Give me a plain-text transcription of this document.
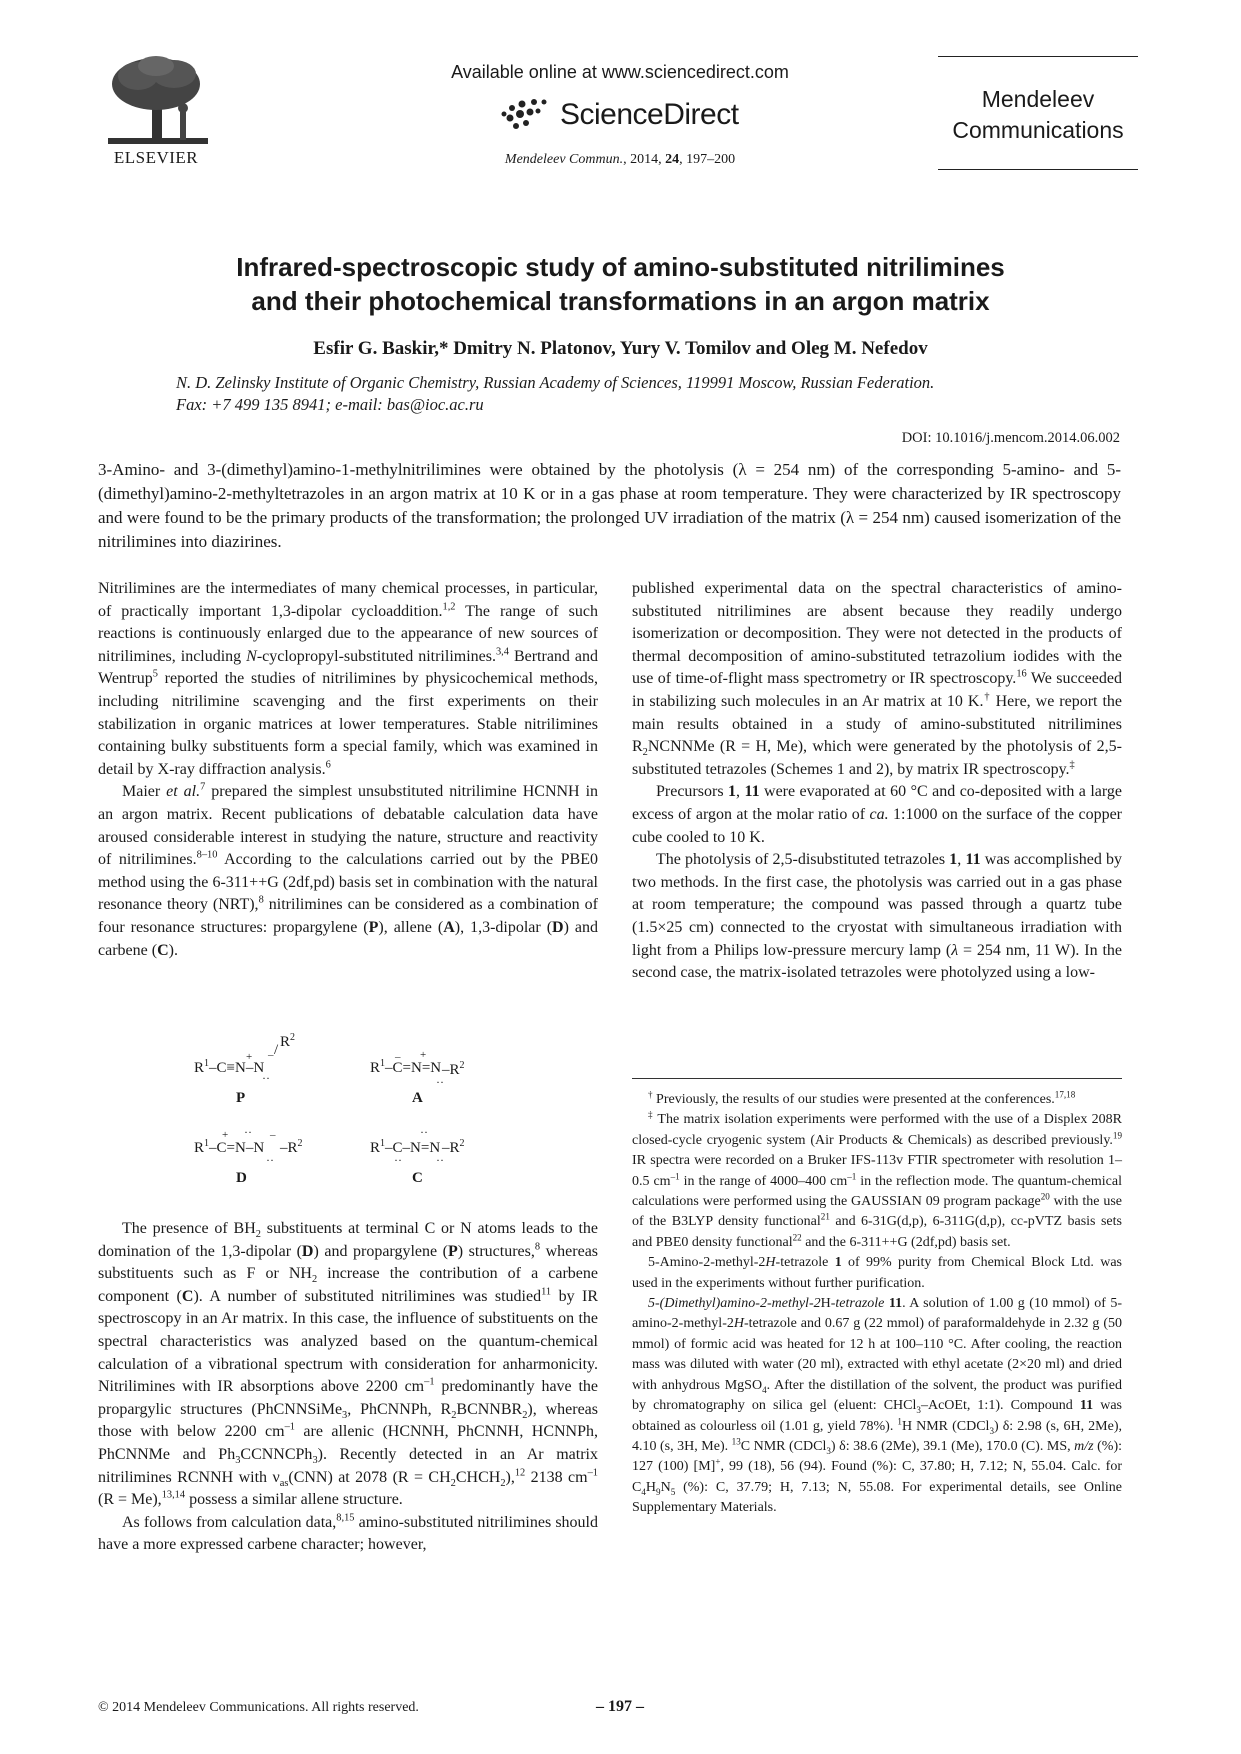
ELSEVIER
Available online at www.sciencedirect.com
ScienceDirect
Mendeleev Commun., 2014, 24, 197–200
Mendeleev
Communications
Infrared-spectroscopic study of amino-substituted nitrilimines
and their photochemical transformations in an argon matrix
Esfir G. Baskir,* Dmitry N. Platonov, Yury V. Tomilov and Oleg M. Nefedov
N. D. Zelinsky Institute of Organic Chemistry, Russian Academy of Sciences, 119991 Moscow, Russian Federation.
Fax: +7 499 135 8941; e-mail: bas@ioc.ac.ru
DOI: 10.1016/j.mencom.2014.06.002
3-Amino- and 3-(dimethyl)amino-1-methylnitrilimines were obtained by the photolysis (λ = 254 nm) of the corresponding 5-amino- and 5-(dimethyl)amino-2-methyltetrazoles in an argon matrix at 10 K or in a gas phase at room temperature. They were characterized by IR spectroscopy and were found to be the primary products of the transformation; the prolonged UV irradiation of the matrix (λ = 254 nm) caused isomerization of the nitrilimines into diazirines.

Nitrilimines are the intermediates of many chemical processes, in particular, of practically important 1,3-dipolar cycloaddition.$^{1,2}$ The range of such reactions is continuously enlarged due to the appearance of new sources of nitrilimines, including N-cyclopropyl-substituted nitrilimines.$^{3,4}$ Bertrand and Wentrup$^5$ reported the studies of nitrilimines by physicochemical methods, including nitrilimine scavenging and the first experiments on their stabilization in organic matrices at lower temperatures. Stable nitrilimines containing bulky substituents form a special family, which was examined in detail by X-ray diffraction analysis.$^6$

Maier et al.$^7$ prepared the simplest unsubstituted nitrilimine HCNNH in an argon matrix. Recent publications of debatable calculation data have aroused considerable interest in studying the nature, structure and reactivity of nitrilimines.$^{8-10}$ According to the calculations carried out by the PBE0 method using the 6-311++G (2df,pd) basis set in combination with the natural resonance theory (NRT),$^8$ nitrilimines can be considered as a combination of four resonance structures: propargylene (P), allene (A), 1,3-dipolar (D) and carbene (C).

$R^1-C\equiv N-N$
+ – / $R^2$
··
P
$R^1-C=N=N$
– +
$-R^2$
··
A
$R^1-C=N-N$
+ ·· –
$-R^2$
··
D
$R^1-C-N=N$
··
··
$-R^2$
··
C

The presence of $BH_2$ substituents at terminal C or N atoms leads to the domination of the 1,3-dipolar (D) and propargylene (P) structures,$^8$ whereas substituents such as F or $NH_2$ increase the contribution of a carbene component (C). A number of substituted nitrilimines was studied$^{11}$ by IR spectroscopy in an Ar matrix. In this case, the influence of substituents on the spectral characteristics was analyzed based on the quantum-chemical calculation of a vibrational spectrum with consideration for anharmonicity. Nitrilimines with IR absorptions above 2200 $cm^{-1}$ predominantly have the propargylic structures (PhCNNSiMe$_3$, PhCNNPh, $R_2BCNNBR_2$), whereas those with below 2200 $cm^{-1}$ are allenic (HCNNH, PhCNNH, HCNNPh, PhCNNMe and $Ph_3CCNNCPh_3$). Recently detected in an Ar matrix nitrilimines RCNNH with $\nu_{as}(CNN)$ at 2078 $(R = CH_2CHCH_2),^{12}$ 2138 $cm^{-1}$ (R = Me),$^{13,14}$ possess a similar allene structure.

As follows from calculation data,$^{8,15}$ amino-substituted nitrilimines should have a more expressed carbene character; however,

published experimental data on the spectral characteristics of amino-substituted nitrilimines are absent because they readily undergo isomerization or decomposition. They were not detected in the products of thermal decomposition of amino-substituted tetrazolium iodides with the use of time-of-flight mass spectrometry or IR spectroscopy.$^{16}$ We succeeded in stabilizing such molecules in an Ar matrix at 10 K.† Here, we report the main results obtained in a study of amino-substituted nitrilimines $R_2NCNNMe$ (R = H, Me), which were generated by the photolysis of 2,5-substituted tetrazoles (Schemes 1 and 2), by matrix IR spectroscopy.‡

Precursors 1, 11 were evaporated at 60 °C and co-deposited with a large excess of argon at the molar ratio of ca. 1:1000 on the surface of the copper cube cooled to 10 K.

The photolysis of 2,5-disubstituted tetrazoles 1, 11 was accomplished by two methods. In the first case, the photolysis was carried out in a gas phase at room temperature; the compound was passed through a quartz tube (1.5×25 cm) connected to the cryostat with simultaneous irradiation with light from a Philips low-pressure mercury lamp (λ = 254 nm, 11 W). In the second case, the matrix-isolated tetrazoles were photolyzed using a low-

† Previously, the results of our studies were presented at the conferences.$^{17,18}$

‡ The matrix isolation experiments were performed with the use of a Displex 208R closed-cycle cryogenic system (Air Products & Chemicals) as described previously.$^{19}$ IR spectra were recorded on a Bruker IFS-113v FTIR spectrometer with resolution 1–0.5 $cm^{-1}$ in the range of 4000–400 $cm^{-1}$ in the reflection mode. The quantum-chemical calculations were performed using the GAUSSIAN 09 program package$^{20}$ with the use of the B3LYP density functional$^{21}$ and 6-31G(d,p), 6-311G(d,p), cc-pVTZ basis sets and PBE0 density functional$^{22}$ and the 6-311++G (2df,pd) basis set.

5-Amino-2-methyl-2H-tetrazole 1 of 99% purity from Chemical Block Ltd. was used in the experiments without further purification.

5-(Dimethyl)amino-2-methyl-2H-tetrazole 11. A solution of 1.00 g (10 mmol) of 5-amino-2-methyl-2H-tetrazole and 0.67 g (22 mmol) of paraformaldehyde in 2.32 g (50 mmol) of formic acid was heated for 12 h at 100–110 °C. After cooling, the reaction mass was diluted with water (20 ml), extracted with ethyl acetate (2×20 ml) and dried with anhydrous MgSO$_4$. After the distillation of the solvent, the product was purified by chromatography on silica gel (eluent: CHCl$_3$–AcOEt, 1:1). Compound 11 was obtained as colourless oil (1.01 g, yield 78%). $^1$H NMR (CDCl$_3$) δ: 2.98 (s, 6H, 2Me), 4.10 (s, 3H, Me). $^{13}$C NMR (CDCl$_3$) δ: 38.6 (2Me), 39.1 (Me), 170.0 (C). MS, m/z (%): 127 (100) [M]+, 99 (18), 56 (94). Found (%): C, 37.80; H, 7.12; N, 55.04. Calc. for $C_4H_9N_5$ (%): C, 37.79; H, 7.13; N, 55.08. For experimental details, see Online Supplementary Materials.

© 2014 Mendeleev Communications. All rights reserved.	– 197 –
